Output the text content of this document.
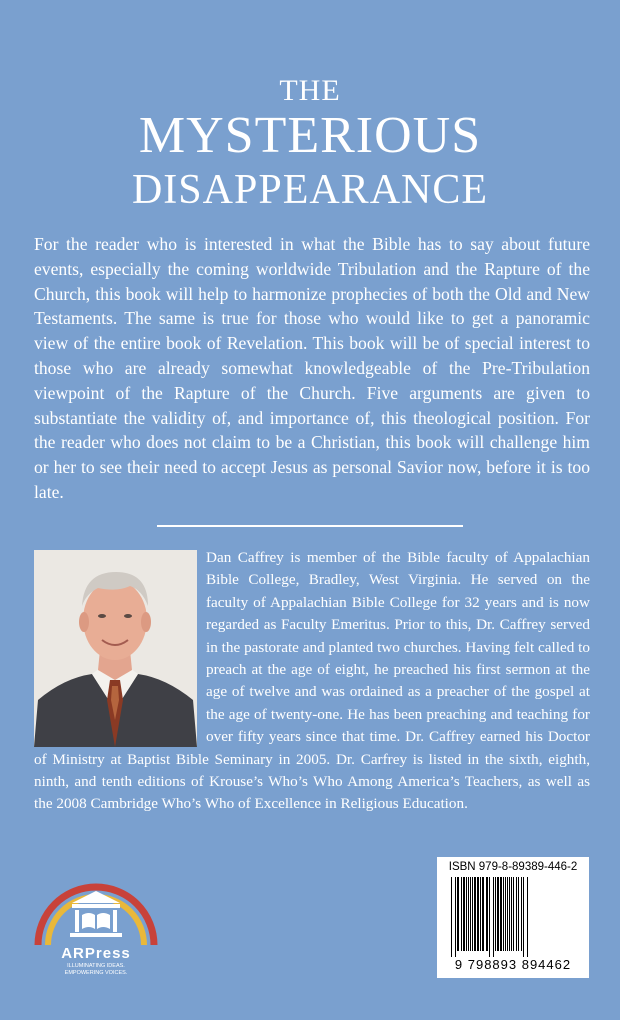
THE
MYSTERIOUS
DISAPPEARANCE

For the reader who is interested in what the Bible has to say about future events, especially the coming worldwide Tribulation and the Rapture of the Church, this book will help to harmonize prophecies of both the Old and New Testaments. The same is true for those who would like to get a panoramic view of the entire book of Revelation. This book will be of special interest to those who are already somewhat knowledgeable of the Pre-Tribulation viewpoint of the Rapture of the Church. Five arguments are given to substantiate the validity of, and importance of, this theological position. For the reader who does not claim to be a Christian, this book will challenge him or her to see their need to accept Jesus as personal Savior now, before it is too late.

Dan Caffrey is member of the Bible faculty of Appalachian Bible College, Bradley, West Virginia. He served on the faculty of Appalachian Bible College for 32 years and is now regarded as Faculty Emeritus. Prior to this, Dr. Caffrey served in the pastorate and planted two churches. Having felt called to preach at the age of eight, he preached his first sermon at the age of twelve and was ordained as a preacher of the gospel at the age of twenty-one. He has been preaching and teaching for over fifty years since that time. Dr. Caffrey earned his Doctor of Ministry at Baptist Bible Seminary in 2005. Dr. Carfrey is listed in the sixth, eighth, ninth, and tenth editions of Krouse’s Who’s Who Among America’s Teachers, as well as the 2008 Cambridge Who’s Who of Excellence in Religious Education.

ARPress
ILLUMINATING IDEAS.
EMPOWERING VOICES.
ISBN 979-8-89389-446-2
9 798893 894462
